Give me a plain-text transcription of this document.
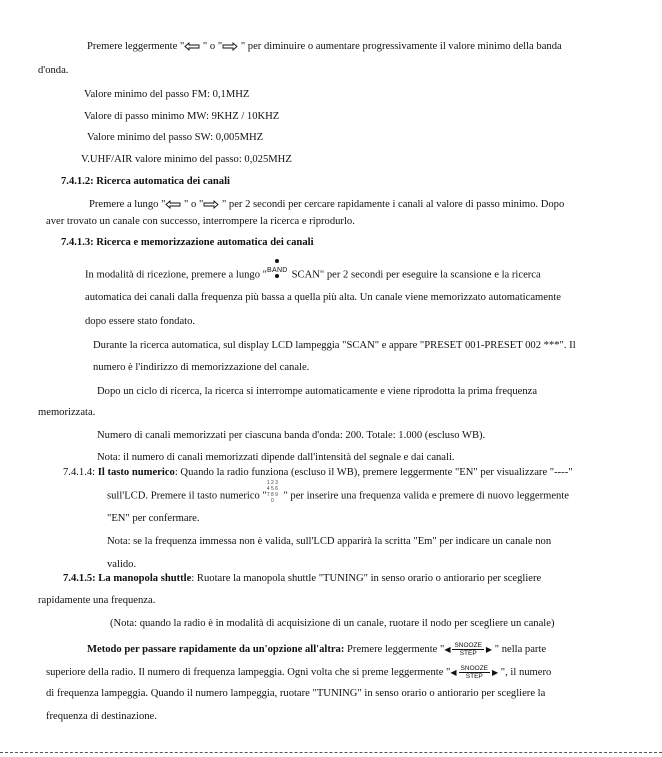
Premere leggermente " " o " " per diminuire o aumentare progressivamente il valore minimo della banda
d'onda.
Valore minimo del passo FM: 0,1MHZ
Valore di passo minimo MW: 9KHZ / 10KHZ
Valore minimo del passo SW: 0,005MHZ
V.UHF/AIR valore minimo del passo: 0,025MHZ
7.4.1.2: Ricerca automatica dei canali
Premere a lungo " " o " " per 2 secondi per cercare rapidamente i canali al valore di passo minimo. Dopo
aver trovato un canale con successo, interrompere la ricerca e riprodurlo.
7.4.1.3: Ricerca e memorizzazione automatica dei canali
In modalità di ricezione, premere a lungo " BAND SCAN" per 2 secondi per eseguire la scansione e la ricerca
automatica dei canali dalla frequenza più bassa a quella più alta. Un canale viene memorizzato automaticamente
dopo essere stato fondato.
Durante la ricerca automatica, sul display LCD lampeggia "SCAN" e appare "PRESET 001-PRESET 002 ***". Il
numero è l'indirizzo di memorizzazione del canale.
Dopo un ciclo di ricerca, la ricerca si interrompe automaticamente e viene riprodotta la prima frequenza
memorizzata.
Numero di canali memorizzati per ciascuna banda d'onda: 200. Totale: 1.000 (escluso WB).
Nota: il numero di canali memorizzati dipende dall'intensità del segnale e dai canali.
7.4.1.4: Il tasto numerico: Quando la radio funziona (escluso il WB), premere leggermente "EN" per visualizzare "----"
sull'LCD. Premere il tasto numerico "
1 2 3
4 5 6
7 8 9
0 " per inserire una frequenza valida e premere di nuovo leggermente
"EN" per confermare.
Nota: se la frequenza immessa non è valida, sull'LCD apparirà la scritta "Em" per indicare un canale non
valido.
7.4.1.5: La manopola shuttle: Ruotare la manopola shuttle "TUNING" in senso orario o antiorario per scegliere
rapidamente una frequenza.
(Nota: quando la radio è in modalità di acquisizione di un canale, ruotare il nodo per scegliere un canale)
Metodo per passare rapidamente da un'opzione all'altra: Premere leggermente " ◀ SNOOZE
STEP	▶ " nella parte
superiore della radio. Il numero di frequenza lampeggia. Ogni volta che si preme leggermente " ◀ SNOOZE
STEP	▶ ", il numero
di frequenza lampeggia. Quando il numero lampeggia, ruotare "TUNING" in senso orario o antiorario per scegliere la
frequenza di destinazione.
